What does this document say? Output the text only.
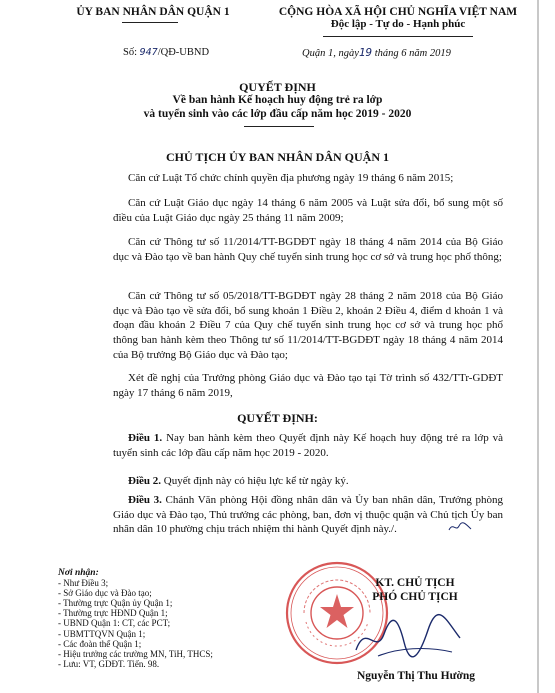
ỦY BAN NHÂN DÂN QUẬN 1	CỘNG HÒA XÃ HỘI CHỦ NGHĨA VIỆT NAM
Độc lập - Tự do - Hạnh phúc
Số: 947/QĐ-UBND	Quận 1, ngày19 tháng 6 năm 2019
QUYẾT ĐỊNH
Về ban hành Kế hoạch huy động trẻ ra lớp
và tuyển sinh vào các lớp đầu cấp năm học 2019 - 2020
CHỦ TỊCH ỦY BAN NHÂN DÂN QUẬN 1
Căn cứ Luật Tổ chức chính quyền địa phương ngày 19 tháng 6 năm 2015;
Căn cứ Luật Giáo dục ngày 14 tháng 6 năm 2005 và Luật sửa đổi, bổ sung một số điều của Luật Giáo dục ngày 25 tháng 11 năm 2009;
Căn cứ Thông tư số 11/2014/TT-BGDĐT ngày 18 tháng 4 năm 2014 của Bộ Giáo dục và Đào tạo về ban hành Quy chế tuyển sinh trung học cơ sở và trung học phổ thông;
Căn cứ Thông tư số 05/2018/TT-BGDĐT ngày 28 tháng 2 năm 2018 của Bộ Giáo dục và Đào tạo về sửa đổi, bổ sung khoản 1 Điều 2, khoản 2 Điều 4, điểm d khoản 1 và đoạn đầu khoản 2 Điều 7 của Quy chế tuyển sinh trung học cơ sở và trung học phổ thông ban hành kèm theo Thông tư số 11/2014/TT-BGDĐT ngày 18 tháng 4 năm 2014 của Bộ trưởng Bộ Giáo dục và Đào tạo;
Xét đề nghị của Trưởng phòng Giáo dục và Đào tạo tại Tờ trình số 432/TTr-GDĐT ngày 17 tháng 6 năm 2019,
QUYẾT ĐỊNH:
Điều 1. Nay ban hành kèm theo Quyết định này Kế hoạch huy động trẻ ra lớp và tuyển sinh các lớp đầu cấp năm học 2019 - 2020.
Điều 2. Quyết định này có hiệu lực kể từ ngày ký.
Điều 3. Chánh Văn phòng Hội đồng nhân dân và Ủy ban nhân dân, Trưởng phòng Giáo dục và Đào tạo, Thủ trưởng các phòng, ban, đơn vị thuộc quận và Chủ tịch Ủy ban nhân dân 10 phường chịu trách nhiệm thi hành Quyết định này./.
Nơi nhận:
- Như Điều 3;
- Sở Giáo dục và Đào tạo;
- Thường trực Quận ủy Quận 1;
- Thường trực HĐND Quận 1;
- UBND Quận 1: CT, các PCT;
- UBMTTQVN Quận 1;
- Các đoàn thể Quận 1;
- Hiệu trưởng các trường MN, TiH, THCS;
- Lưu: VT, GDĐT. Tiến. 98.
KT. CHỦ TỊCH
PHÓ CHỦ TỊCH
Nguyễn Thị Thu Hường
